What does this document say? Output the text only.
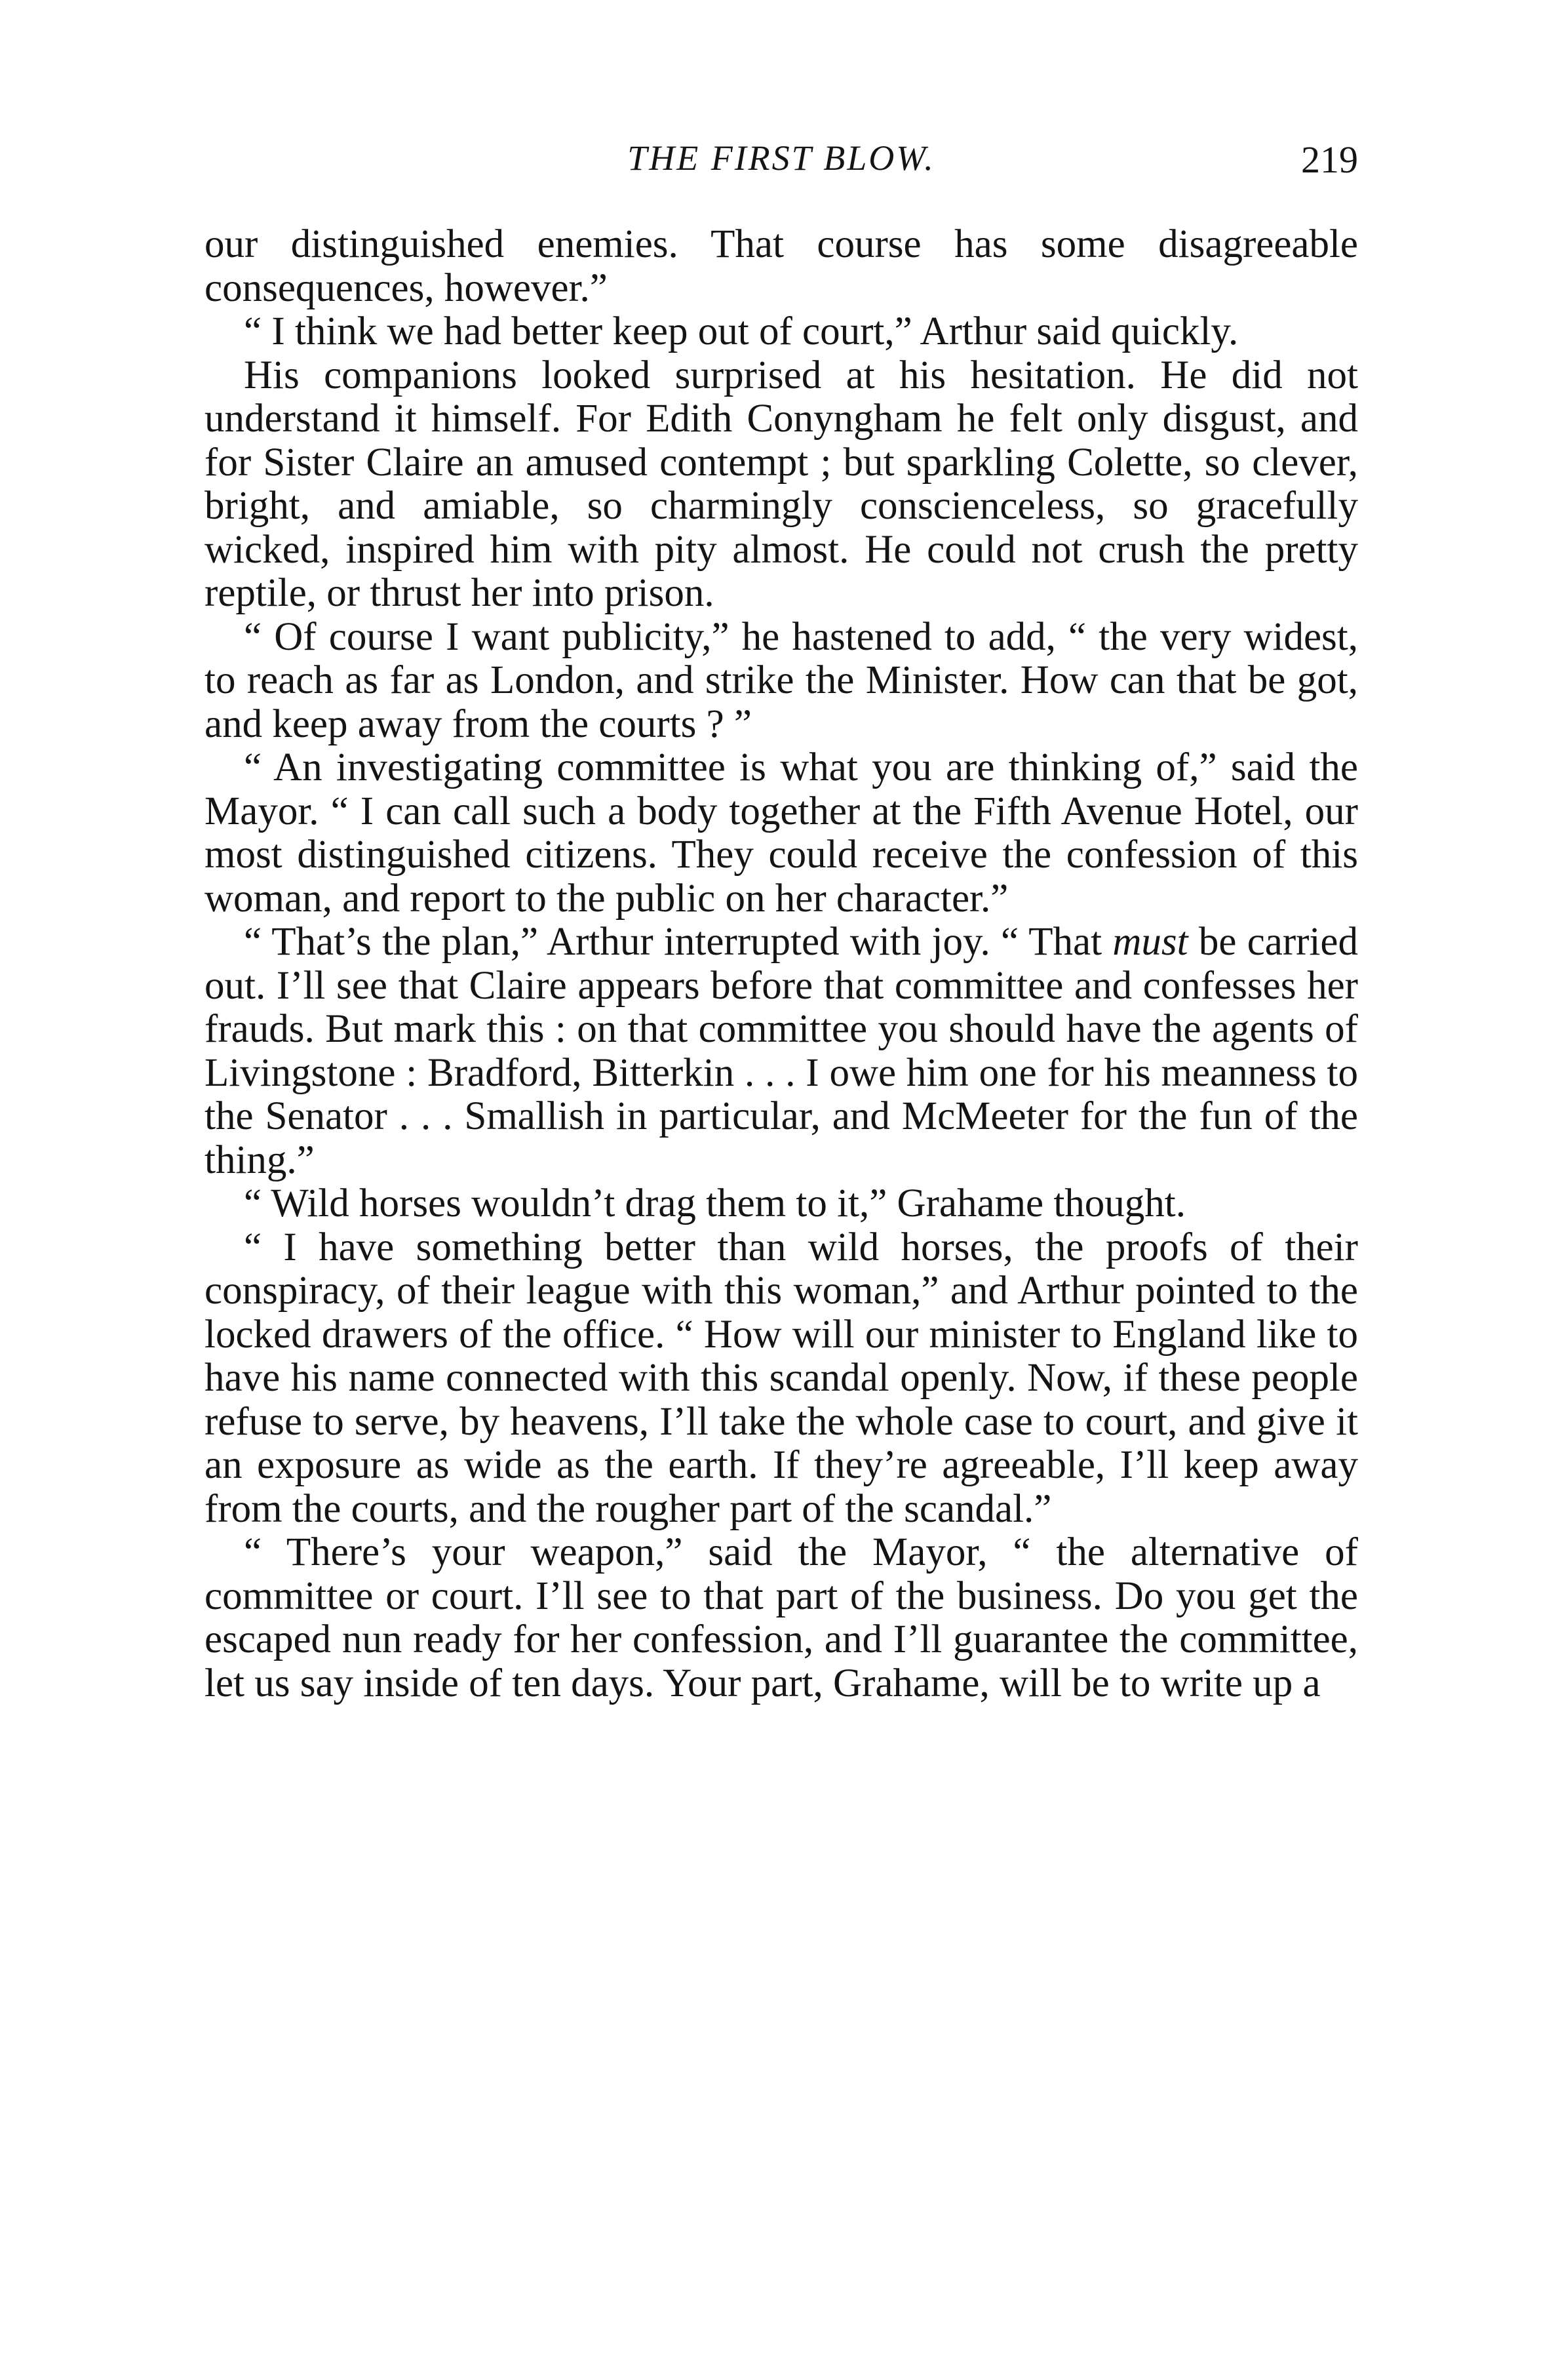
THE FIRST BLOW.	219

our distinguished enemies. That course has some disagreeable consequences, however.”

“ I think we had better keep out of court,” Arthur said quickly.

His companions looked surprised at his hesitation. He did not understand it himself. For Edith Conyngham he felt only disgust, and for Sister Claire an amused contempt ; but sparkling Colette, so clever, bright, and amiable, so charmingly conscienceless, so gracefully wicked, inspired him with pity almost. He could not crush the pretty reptile, or thrust her into prison.

“ Of course I want publicity,” he hastened to add, “ the very widest, to reach as far as London, and strike the Minister. How can that be got, and keep away from the courts ? ”

“ An investigating committee is what you are thinking of,” said the Mayor. “ I can call such a body together at the Fifth Avenue Hotel, our most distinguished citizens. They could receive the confession of this woman, and report to the public on her character.”

“ That’s the plan,” Arthur interrupted with joy. “ That must be carried out. I’ll see that Claire appears before that committee and confesses her frauds. But mark this : on that committee you should have the agents of Livingstone : Bradford, Bitterkin . . . I owe him one for his meanness to the Senator . . . Smallish in particular, and McMeeter for the fun of the thing.”

“ Wild horses wouldn’t drag them to it,” Grahame thought.

“ I have something better than wild horses, the proofs of their conspiracy, of their league with this woman,” and Arthur pointed to the locked drawers of the office. “ How will our minister to England like to have his name connected with this scandal openly. Now, if these people refuse to serve, by heavens, I’ll take the whole case to court, and give it an exposure as wide as the earth. If they’re agreeable, I’ll keep away from the courts, and the rougher part of the scandal.”

“ There’s your weapon,” said the Mayor, “ the alternative of committee or court. I’ll see to that part of the business. Do you get the escaped nun ready for her confession, and I’ll guarantee the committee, let us say inside of ten days. Your part, Grahame, will be to write up a
